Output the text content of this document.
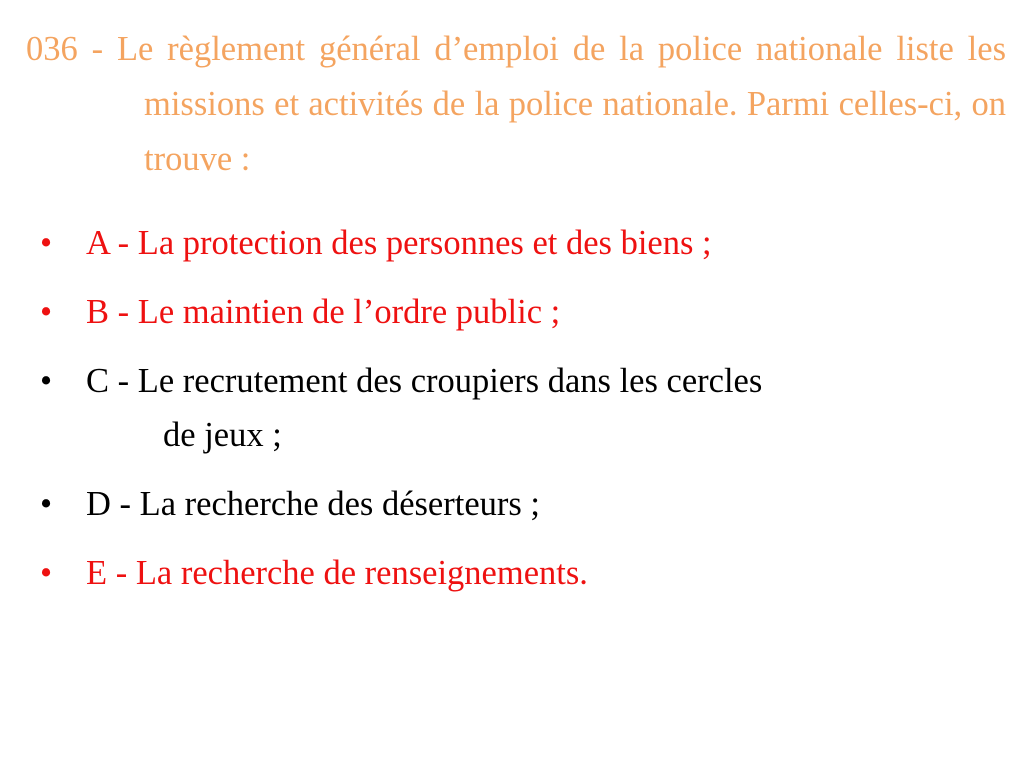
036 - Le règlement général d’emploi de la police nationale liste les missions et activités de la police nationale. Parmi celles-ci, on trouve :
• A - La protection des personnes et des biens ;
• B - Le maintien de l’ordre public ;
• C - Le recrutement des croupiers dans les cercles
de jeux ;
• D - La recherche des déserteurs ;
• E - La recherche de renseignements.
